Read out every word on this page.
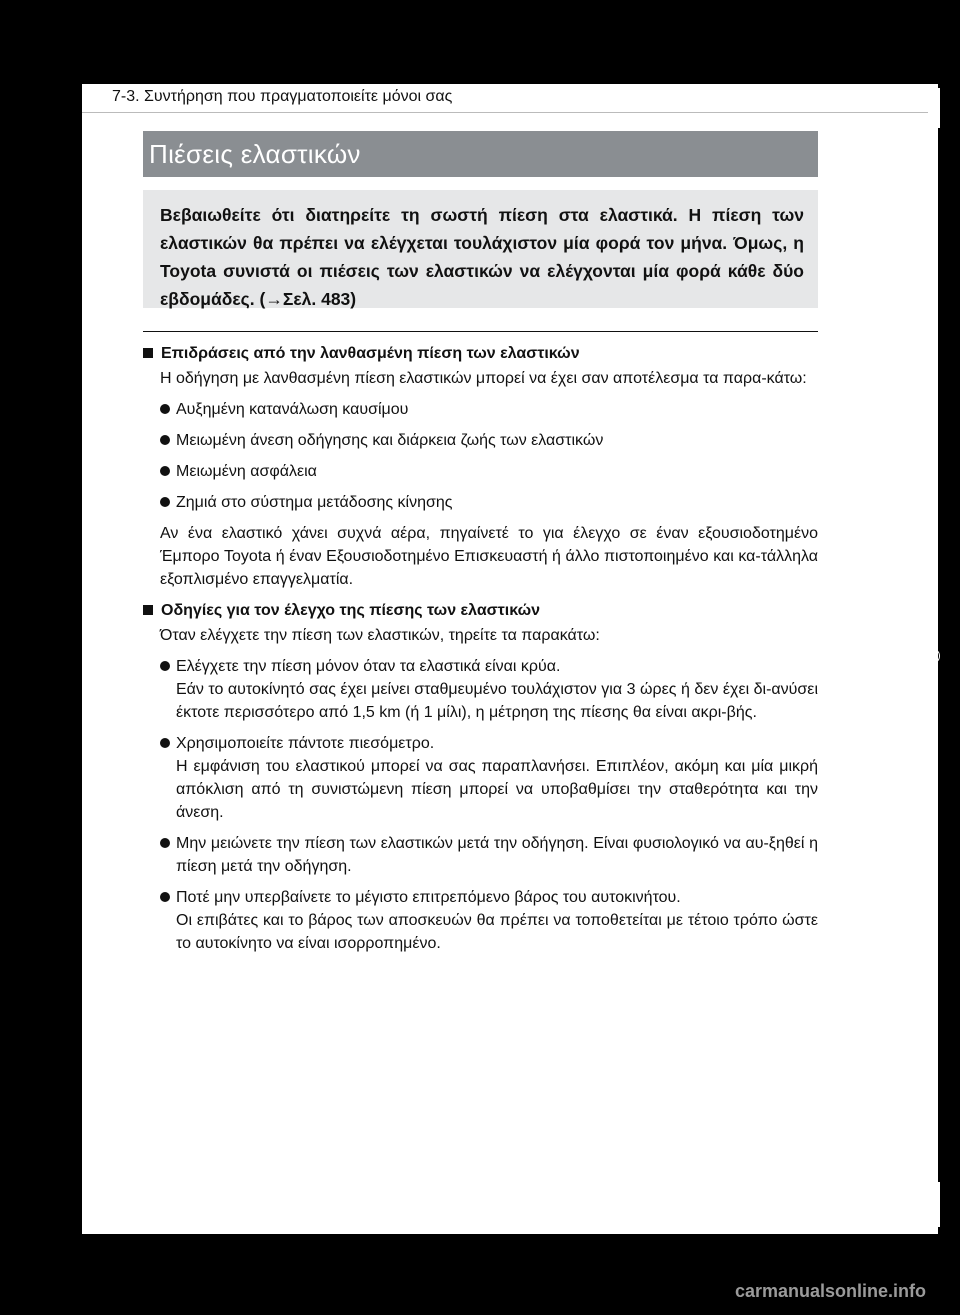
7-3. Συντήρηση που πραγματοποιείτε μόνοι σας
Πιέσεις ελαστικών

Βεβαιωθείτε ότι διατηρείτε τη σωστή πίεση στα ελαστικά. Η πίεση των ελαστικών θα πρέπει να ελέγχεται τουλάχιστον μία φορά τον μήνα. Όμως, η Toyota συνιστά οι πιέσεις των ελαστικών να ελέγχονται μία φορά κάθε δύο εβδομάδες. (→Σελ. 483)

Επιδράσεις από την λανθασμένη πίεση των ελαστικών
Η οδήγηση με λανθασμένη πίεση ελαστικών μπορεί να έχει σαν αποτέλεσμα τα παρα-κάτω:
Αυξημένη κατανάλωση καυσίμου
Μειωμένη άνεση οδήγησης και διάρκεια ζωής των ελαστικών
Μειωμένη ασφάλεια
Ζημιά στο σύστημα μετάδοσης κίνησης
Αν ένα ελαστικό χάνει συχνά αέρα, πηγαίνετέ το για έλεγχο σε έναν εξουσιοδοτημένο Έμπορο Toyota ή έναν Εξουσιοδοτημένο Επισκευαστή ή άλλο πιστοποιημένο και κα-τάλληλα εξοπλισμένο επαγγελματία.
Οδηγίες για τον έλεγχο της πίεσης των ελαστικών
Όταν ελέγχετε την πίεση των ελαστικών, τηρείτε τα παρακάτω:
Ελέγχετε την πίεση μόνον όταν τα ελαστικά είναι κρύα.
Εάν το αυτοκίνητό σας έχει μείνει σταθμευμένο τουλάχιστον για 3 ώρες ή δεν έχει δι-ανύσει έκτοτε περισσότερο από 1,5 km (ή 1 μίλι), η μέτρηση της πίεσης θα είναι ακρι-βής.
Χρησιμοποιείτε πάντοτε πιεσόμετρο.
Η εμφάνιση του ελαστικού μπορεί να σας παραπλανήσει. Επιπλέον, ακόμη και μία μικρή απόκλιση από τη συνιστώμενη πίεση μπορεί να υποβαθμίσει την σταθερότητα και την άνεση.
Μην μειώνετε την πίεση των ελαστικών μετά την οδήγηση. Είναι φυσιολογικό να αυ-ξηθεί η πίεση μετά την οδήγηση.
Ποτέ μην υπερβαίνετε το μέγιστο επιτρεπόμενο βάρος του αυτοκινήτου.
Οι επιβάτες και το βάρος των αποσκευών θα πρέπει να τοποθετείται με τέτοιο τρόπο ώστε το αυτοκίνητο να είναι ισορροπημένο.
carmanualsonline.info
